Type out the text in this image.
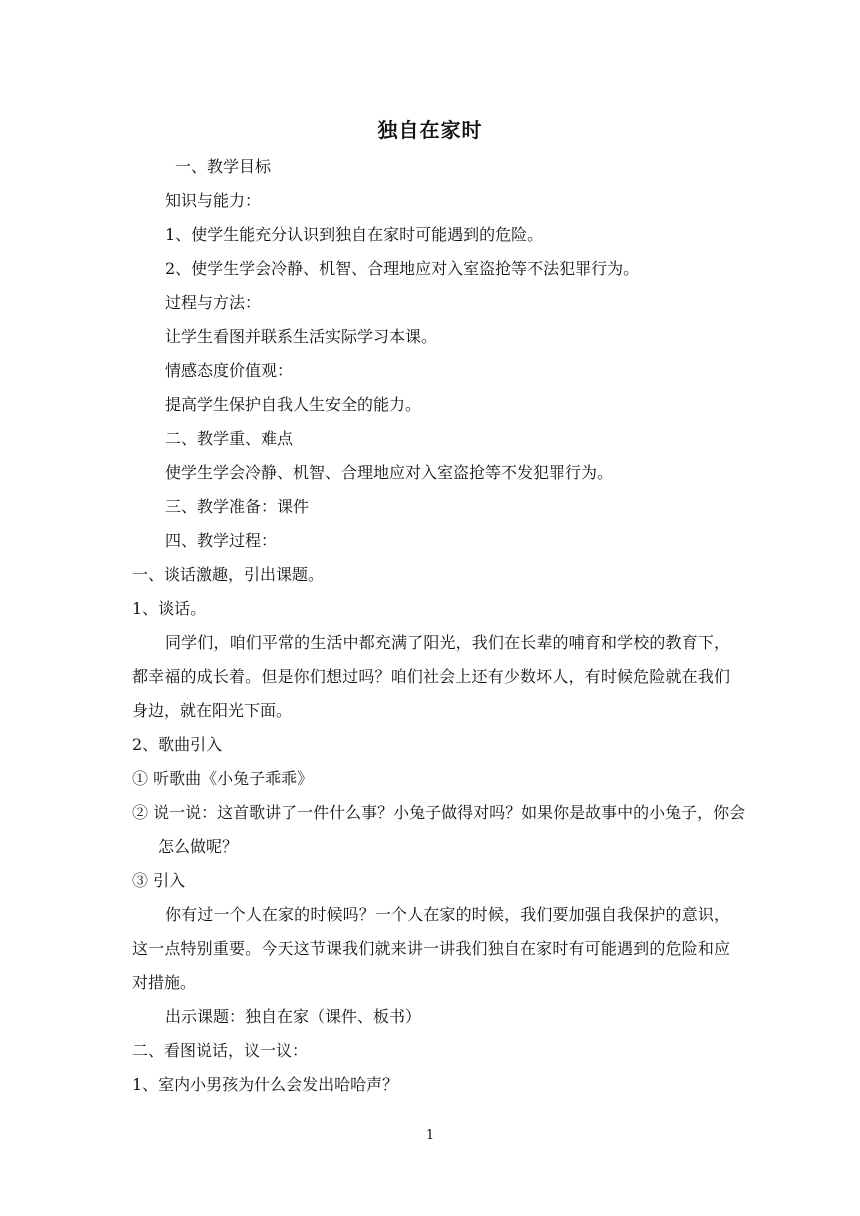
独自在家时
一、教学目标
知识与能力：
1、使学生能充分认识到独自在家时可能遇到的危险。
2、使学生学会冷静、机智、合理地应对入室盗抢等不法犯罪行为。
过程与方法：
让学生看图并联系生活实际学习本课。
情感态度价值观：
提高学生保护自我人生安全的能力。
二、教学重、难点
使学生学会冷静、机智、合理地应对入室盗抢等不发犯罪行为。
三、教学准备：课件
四、教学过程：
一、谈话激趣，引出课题。
1、谈话。
同学们，咱们平常的生活中都充满了阳光，我们在长辈的哺育和学校的教育下，都幸福的成长着。但是你们想过吗？咱们社会上还有少数坏人，有时候危险就在我们身边，就在阳光下面。
2、歌曲引入
① 听歌曲《小兔子乖乖》
② 说一说：这首歌讲了一件什么事？小兔子做得对吗？如果你是故事中的小兔子，你会怎么做呢？
③ 引入
你有过一个人在家的时候吗？一个人在家的时候，我们要加强自我保护的意识，这一点特别重要。今天这节课我们就来讲一讲我们独自在家时有可能遇到的危险和应对措施。
出示课题：独自在家（课件、板书）
二、看图说话，议一议：
1、室内小男孩为什么会发出哈哈声？
1
